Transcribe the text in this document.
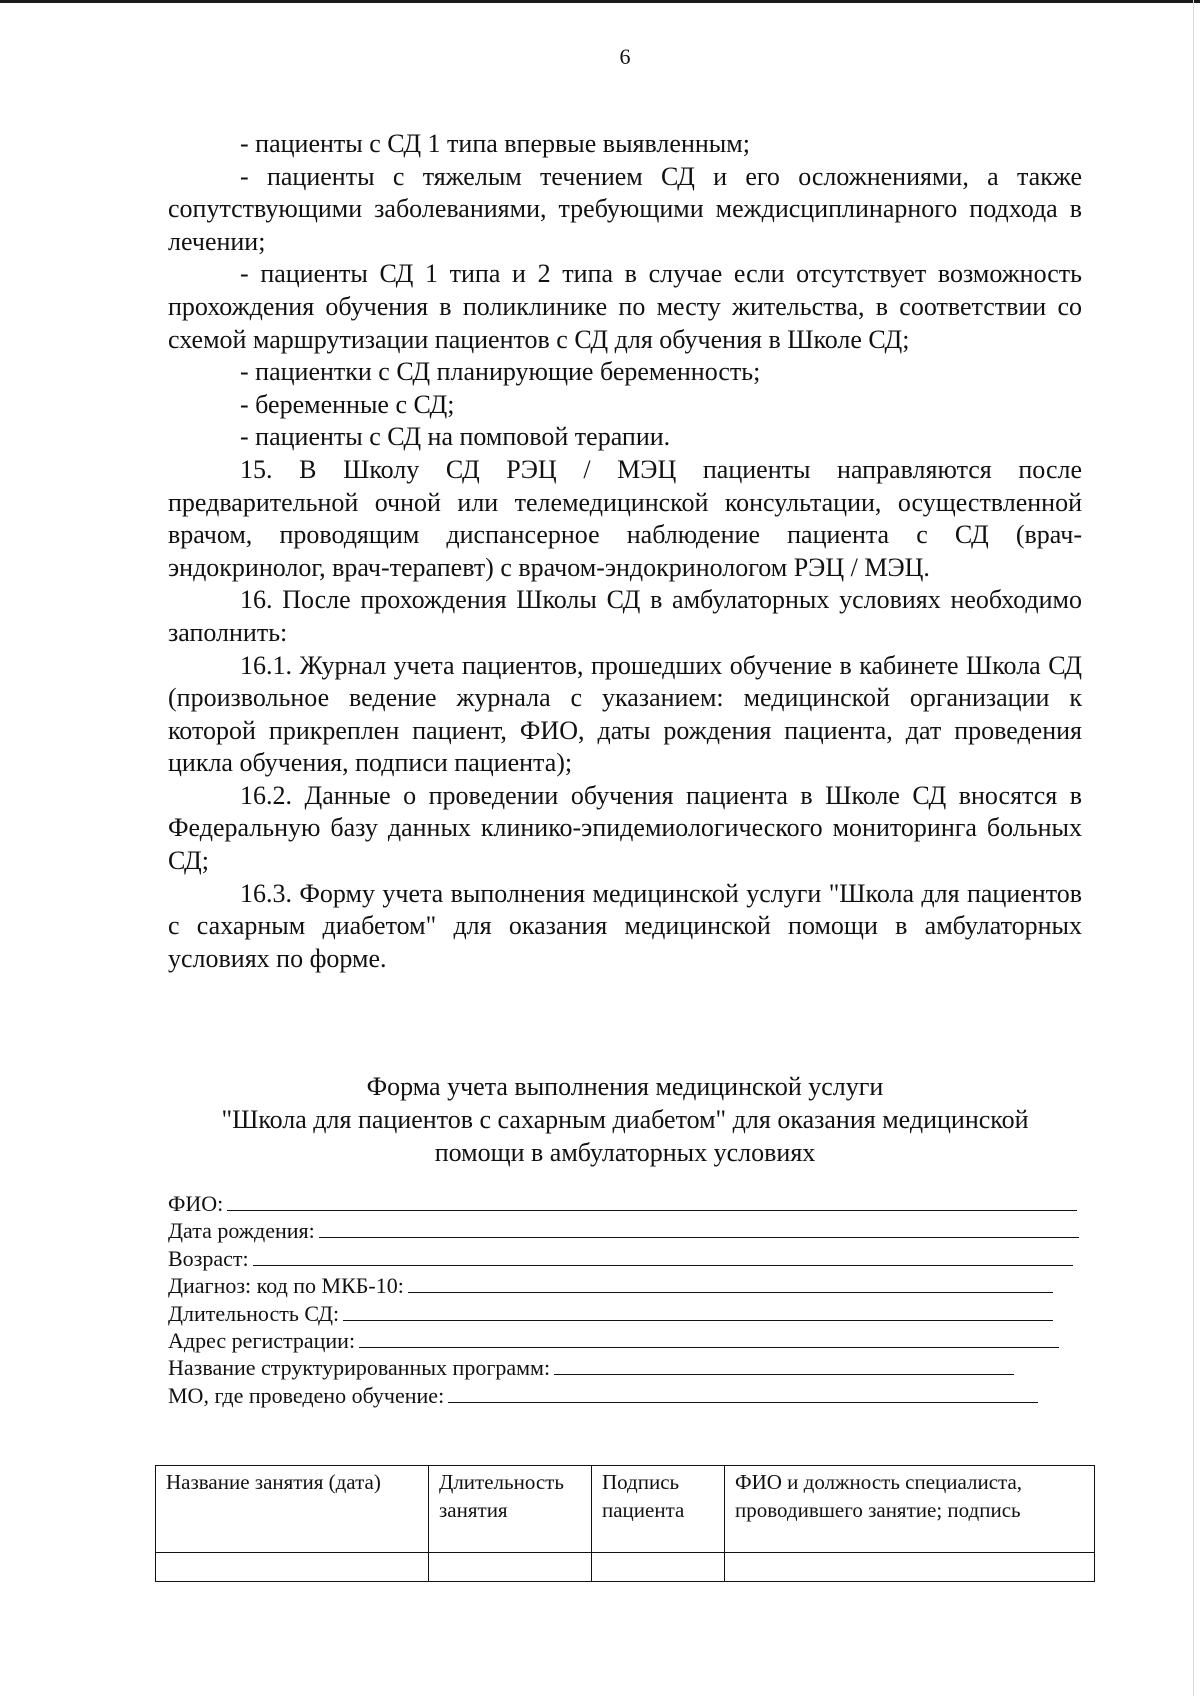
6

- пациенты с СД 1 типа впервые выявленным;

- пациенты с тяжелым течением СД и его осложнениями, а также сопутствующими заболеваниями, требующими междисциплинарного подхода в лечении;

- пациенты СД 1 типа и 2 типа в случае если отсутствует возможность прохождения обучения в поликлинике по месту жительства, в соответствии со схемой маршрутизации пациентов с СД для обучения в Школе СД;

- пациентки с СД планирующие беременность;

- беременные с СД;

- пациенты с СД на помповой терапии.

15. В Школу СД РЭЦ / МЭЦ пациенты направляются после предварительной очной или телемедицинской консультации, осуществленной врачом, проводящим диспансерное наблюдение пациента с СД (врач-эндокринолог, врач-терапевт) с врачом-эндокринологом РЭЦ / МЭЦ.

16. После прохождения Школы СД в амбулаторных условиях необходимо заполнить:

16.1. Журнал учета пациентов, прошедших обучение в кабинете Школа СД (произвольное ведение журнала с указанием: медицинской организации к которой прикреплен пациент, ФИО, даты рождения пациента, дат проведения цикла обучения, подписи пациента);

16.2. Данные о проведении обучения пациента в Школе СД вносятся в Федеральную базу данных клинико-эпидемиологического мониторинга больных СД;

16.3. Форму учета выполнения медицинской услуги "Школа для пациентов с сахарным диабетом" для оказания медицинской помощи в амбулаторных условиях по форме.

Форма учета выполнения медицинской услуги
"Школа для пациентов с сахарным диабетом" для оказания медицинской
помощи в амбулаторных условиях
ФИО:
Дата рождения:
Возраст:
Диагноз: код по МКБ-10:
Длительность СД:
Адрес регистрации:
Название структурированных программ:
МО, где проведено обучение:
Название занятия (дата)	Длительность занятия	Подпись пациента	ФИО и должность специалиста, проводившего занятие; подпись
